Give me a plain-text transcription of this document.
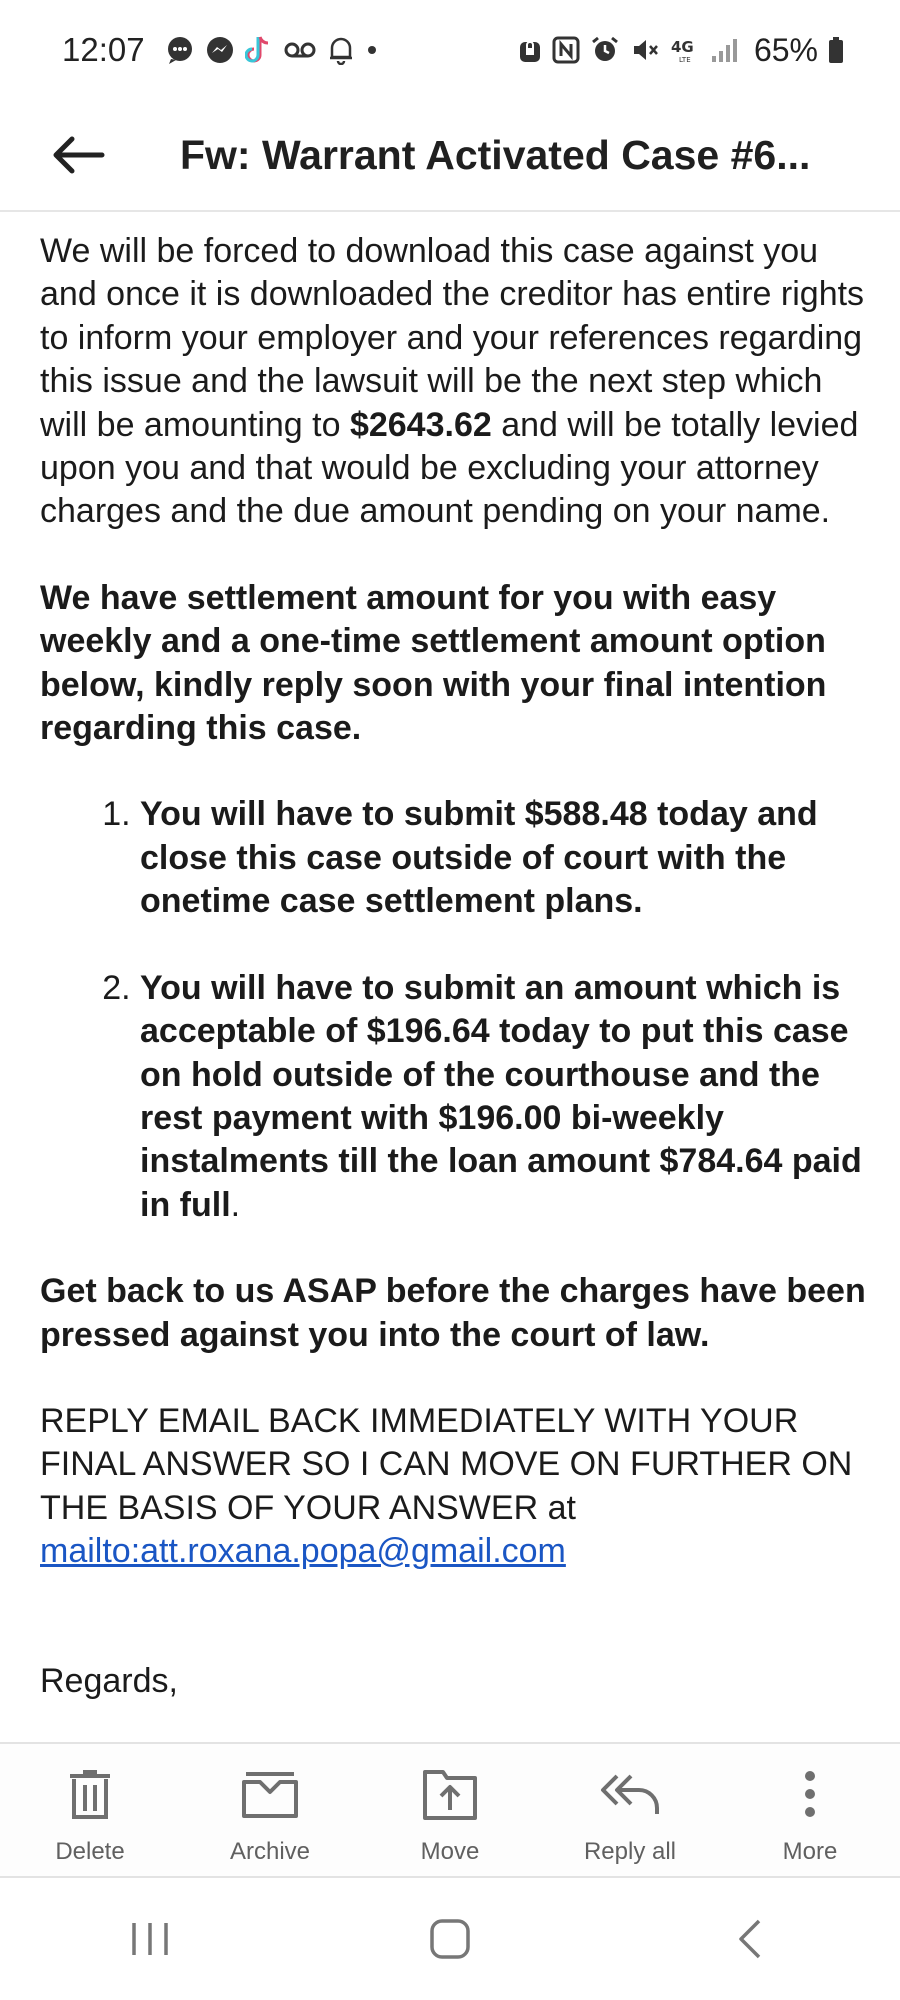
12:07	4G
LTE 65%
Fw: Warrant Activated Case #6...

We will be forced to download this case against you and once it is downloaded the creditor has entire rights to inform your employer and your references regarding this issue and the lawsuit will be the next step which will be amounting to $2643.62 and will be totally levied upon you and that would be excluding your attorney charges and the due amount pending on your name.

We have settlement amount for you with easy weekly and a one-time settlement amount option below, kindly reply soon with your final intention regarding this case.

1. You will have to submit $588.48 today and close this case outside of court with the onetime case settlement plans.
2. You will have to submit an amount which is acceptable of $196.64 today to put this case on hold outside of the courthouse and the rest payment with $196.00 bi-weekly instalments till the loan amount $784.64 paid in full.

Get back to us ASAP before the charges have been pressed against you into the court of law.

REPLY EMAIL BACK IMMEDIATELY WITH YOUR FINAL ANSWER SO I CAN MOVE ON FURTHER ON THE BASIS OF YOUR ANSWER at mailto:att.roxana.popa@gmail.com

Regards,

Delete	Archive	Move	Reply all	More
